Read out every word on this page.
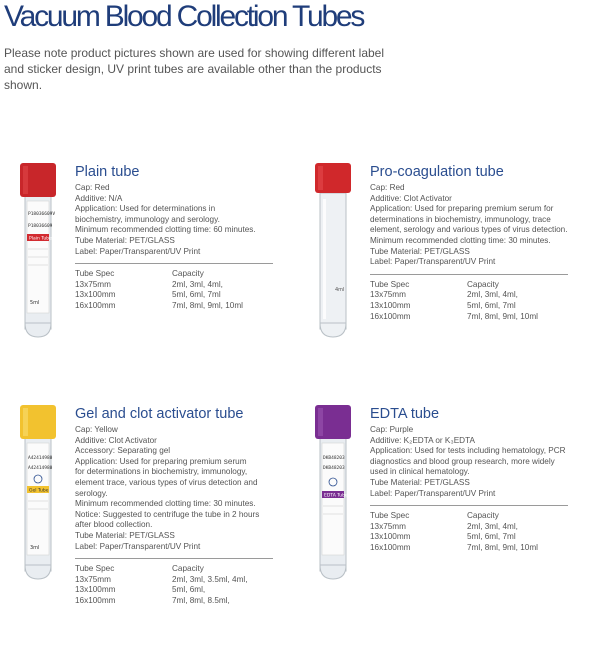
Vacuum Blood Collection Tubes

Please note product pictures shown are used for showing different label and sticker design, UV print tubes are available other than the products shown.

P18036609V
P18036609
Plain Tube
5ml
Plain tube
Cap: Red
Additive: N/A
Application: Used for determinations in
biochemistry, immunology and serology.
Minimum recommended clotting time: 60 minutes.
Tube Material: PET/GLASS
Label: Paper/Transparent/UV Print
Tube Spec	Capacity
13x75mm	2ml, 3ml, 4ml,
13x100mm	5ml, 6ml, 7ml
16x100mm	7ml, 8ml, 9ml, 10ml
4ml
Pro-coagulation tube
Cap: Red
Additive: Clot Activator
Application: Used for preparing premium serum for
determinations in biochemistry, immunology, trace
element, serology and various types of virus detection.
Minimum recommended clotting time: 30 minutes.
Tube Material: PET/GLASS
Label: Paper/Transparent/UV Print
Tube Spec	Capacity
13x75mm	2ml, 3ml, 4ml,
13x100mm	5ml, 6ml, 7ml
16x100mm	7ml, 8ml, 9ml, 10ml
A42414980
A42414980
Gel Tube
3ml
Gel and clot activator tube
Cap: Yellow
Additive: Clot Activator
Accessory: Separating gel
Application: Used for preparing premium serum
for determinations in biochemistry, immunology,
element trace, various types of virus detection and
serology.
Minimum recommended clotting time: 30 minutes.
Notice: Suggested to centrifuge the tube in 2 hours
after blood collection.
Tube Material: PET/GLASS
Label: Paper/Transparent/UV Print
Tube Spec	Capacity
13x75mm	2ml, 3ml, 3.5ml, 4ml,
13x100mm	5ml, 6ml,
16x100mm	7ml, 8ml, 8.5ml,
DKB48203
DKB48203
EDTA Tube
EDTA tube
Cap: Purple
Additive: K₂EDTA or K₃EDTA
Application: Used for tests including hematology, PCR
diagnostics and blood group research, more widely
used in clinical hematology.
Tube Material: PET/GLASS
Label: Paper/Transparent/UV Print
Tube Spec	Capacity
13x75mm	2ml, 3ml, 4ml,
13x100mm	5ml, 6ml, 7ml
16x100mm	7ml, 8ml, 9ml, 10ml
